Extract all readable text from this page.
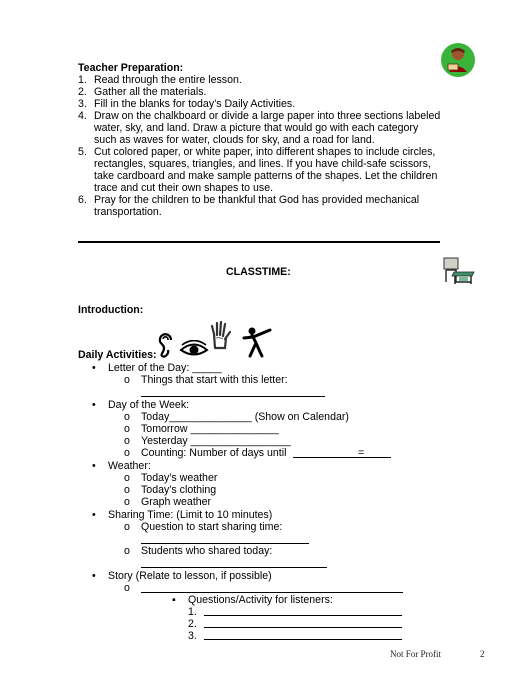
Teacher Preparation:
1. Read through the entire lesson.
2. Gather all the materials.
3. Fill in the blanks for today’s Daily Activities.
4. Draw on the chalkboard or divide a large paper into three sections labeled
water, sky, and land. Draw a picture that would go with each category
such as waves for water, clouds for sky, and a road for land.
5. Cut colored paper, or white paper, into different shapes to include circles,
rectangles, squares, triangles, and lines. If you have child-safe scissors,
take cardboard and make sample patterns of the shapes. Let the children
trace and cut their own shapes to use.
6. Pray for the children to be thankful that God has provided mechanical
transportation.
CLASSTIME:
Introduction:
Daily Activities:
• Letter of the Day: _____
o Things that start with this letter:
• Day of the Week:
o Today______________ (Show on Calendar)
o Tomorrow _______________
o Yesterday _________________
o Counting: Number of days until	=
• Weather:
o Today’s weather
o Today’s clothing
o Graph weather
• Sharing Time: (Limit to 10 minutes)
o Question to start sharing time:
o Students who shared today:
• Story (Relate to lesson, if possible)
o
▪ Questions/Activity for listeners:
1.
2.
3.
Not For Profit	2
